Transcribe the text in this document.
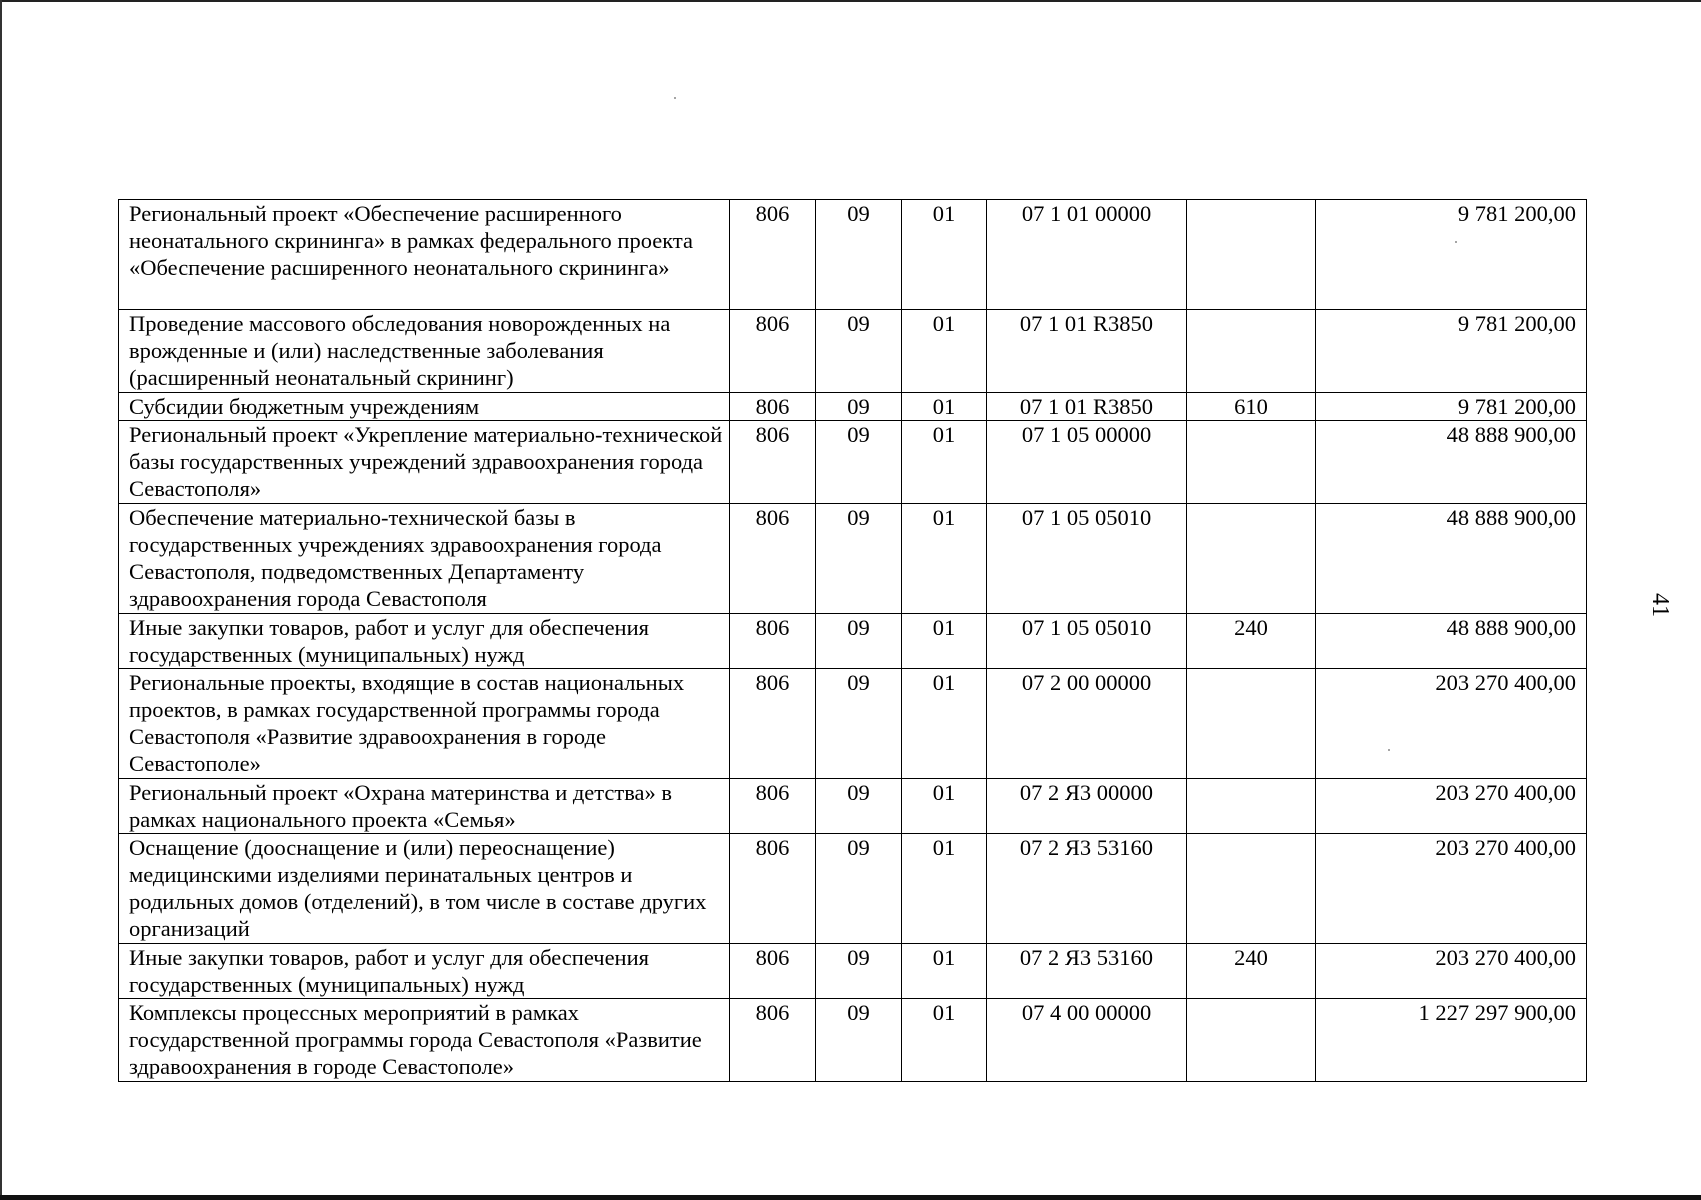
Региональный проект «Обеспечение расширенного неонатального скрининга» в рамках федерального проекта «Обеспечение расширенного неонатального скрининга»	806	09	01	07 1 01 00000		9 781 200,00
Проведение массового обследования новорожденных на врожденные и (или) наследственные заболевания (расширенный неонатальный скрининг)	806	09	01	07 1 01 R3850		9 781 200,00
Субсидии бюджетным учреждениям	806	09	01	07 1 01 R3850	610	9 781 200,00
Региональный проект «Укрепление материально-технической базы государственных учреждений здравоохранения города Севастополя»	806	09	01	07 1 05 00000		48 888 900,00
Обеспечение материально-технической базы в государственных учреждениях здравоохранения города Севастополя, подведомственных Департаменту здравоохранения города Севастополя	806	09	01	07 1 05 05010		48 888 900,00
Иные закупки товаров, работ и услуг для обеспечения государственных (муниципальных) нужд	806	09	01	07 1 05 05010	240	48 888 900,00
Региональные проекты, входящие в состав национальных проектов, в рамках государственной программы города Севастополя «Развитие здравоохранения в городе Севастополе»	806	09	01	07 2 00 00000		203 270 400,00
Региональный проект «Охрана материнства и детства» в рамках национального проекта «Семья»	806	09	01	07 2 Я3 00000		203 270 400,00
Оснащение (дооснащение и (или) переоснащение) медицинскими изделиями перинатальных центров и родильных домов (отделений), в том числе в составе других организаций	806	09	01	07 2 Я3 53160		203 270 400,00
Иные закупки товаров, работ и услуг для обеспечения государственных (муниципальных) нужд	806	09	01	07 2 Я3 53160	240	203 270 400,00
Комплексы процессных мероприятий в рамках государственной программы города Севастополя «Развитие здравоохранения в городе Севастополе»	806	09	01	07 4 00 00000		1 227 297 900,00
41
